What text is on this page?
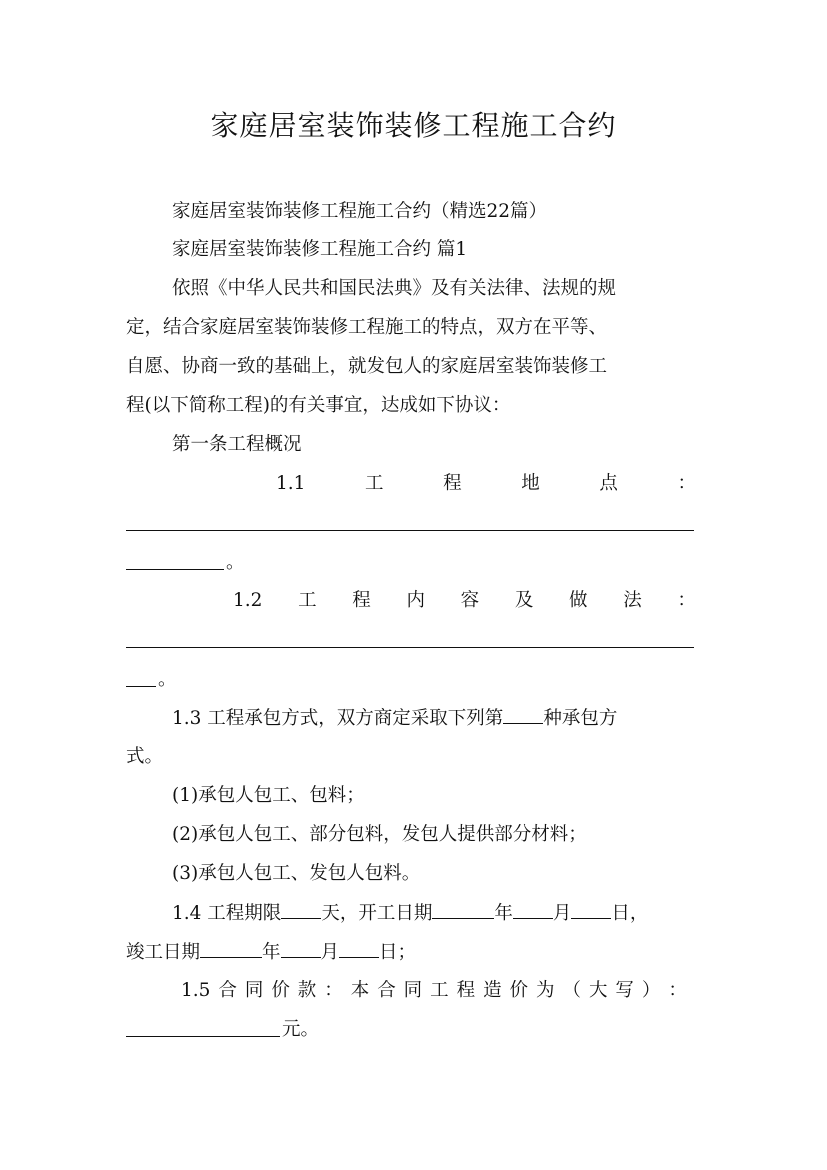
家庭居室装饰装修工程施工合约
家庭居室装饰装修工程施工合约（精选22篇）
家庭居室装饰装修工程施工合约 篇1
依照《中华人民共和国民法典》及有关法律、法规的规
定，结合家庭居室装饰装修工程施工的特点，双方在平等、
自愿、协商一致的基础上，就发包人的家庭居室装饰装修工
程(以下简称工程)的有关事宜，达成如下协议：
第一条工程概况
1.1	工	程	地	点	：
。
1.2 工 程 内 容 及 做 法 ：
。
1.3 工程承包方式，双方商定采取下列第 种承包方
式。
(1)承包人包工、包料；
(2)承包人包工、部分包料，发包人提供部分材料；
(3)承包人包工、发包人包料。
1.4 工程期限 天，开工日期	年 月 日，
竣工日期	年 月 日；
1.5 合 同 价 款 ： 本 合 同 工 程 造 价 为 （ 大 写 ） ：
元。
